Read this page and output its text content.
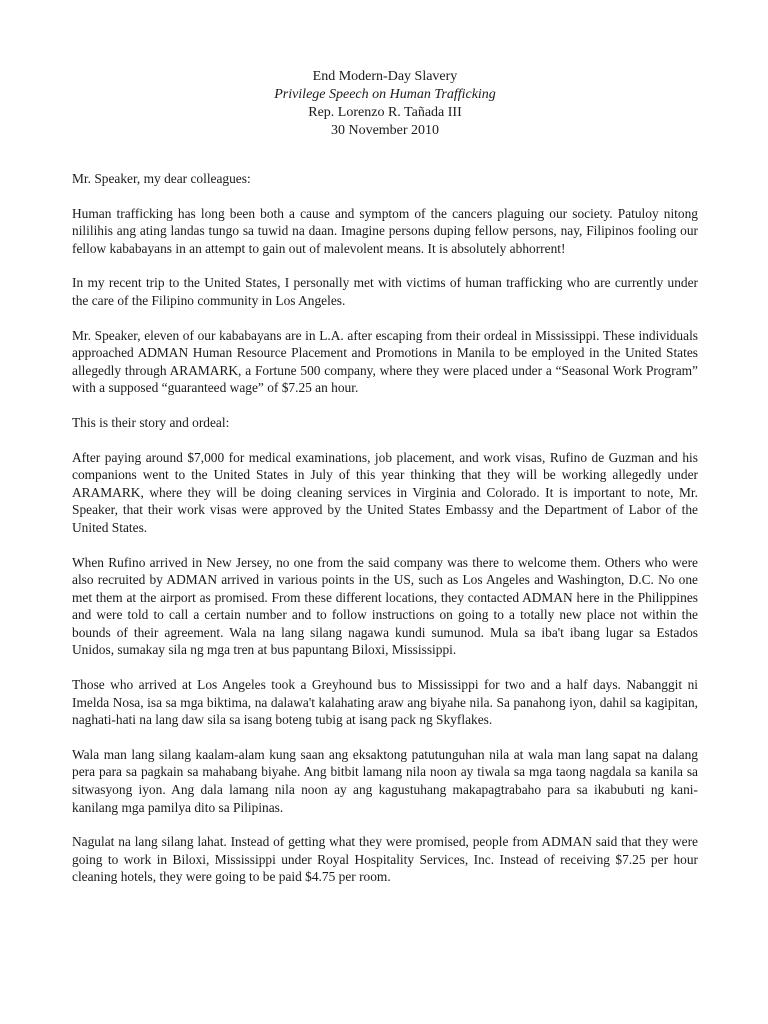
End Modern-Day Slavery
Privilege Speech on Human Trafficking
Rep. Lorenzo R. Tañada III
30 November 2010
Mr. Speaker, my dear colleagues:

Human trafficking has long been both a cause and symptom of the cancers plaguing our society. Patuloy nitong nililihis ang ating landas tungo sa tuwid na daan. Imagine persons duping fellow persons, nay, Filipinos fooling our fellow kababayans in an attempt to gain out of malevolent means. It is absolutely abhorrent!

In my recent trip to the United States, I personally met with victims of human trafficking who are currently under the care of the Filipino community in Los Angeles.

Mr. Speaker, eleven of our kababayans are in L.A. after escaping from their ordeal in Mississippi. These individuals approached ADMAN Human Resource Placement and Promotions in Manila to be employed in the United States allegedly through ARAMARK, a Fortune 500 company, where they were placed under a “Seasonal Work Program” with a supposed “guaranteed wage” of $7.25 an hour.

This is their story and ordeal:

After paying around $7,000 for medical examinations, job placement, and work visas, Rufino de Guzman and his companions went to the United States in July of this year thinking that they will be working allegedly under ARAMARK, where they will be doing cleaning services in Virginia and Colorado. It is important to note, Mr. Speaker, that their work visas were approved by the United States Embassy and the Department of Labor of the United States.

When Rufino arrived in New Jersey, no one from the said company was there to welcome them. Others who were also recruited by ADMAN arrived in various points in the US, such as Los Angeles and Washington, D.C. No one met them at the airport as promised. From these different locations, they contacted ADMAN here in the Philippines and were told to call a certain number and to follow instructions on going to a totally new place not within the bounds of their agreement. Wala na lang silang nagawa kundi sumunod. Mula sa iba't ibang lugar sa Estados Unidos, sumakay sila ng mga tren at bus papuntang Biloxi, Mississippi.

Those who arrived at Los Angeles took a Greyhound bus to Mississippi for two and a half days. Nabanggit ni Imelda Nosa, isa sa mga biktima, na dalawa't kalahating araw ang biyahe nila. Sa panahong iyon, dahil sa kagipitan, naghati-hati na lang daw sila sa isang boteng tubig at isang pack ng Skyflakes.

Wala man lang silang kaalam-alam kung saan ang eksaktong patutunguhan nila at wala man lang sapat na dalang pera para sa pagkain sa mahabang biyahe. Ang bitbit lamang nila noon ay tiwala sa mga taong nagdala sa kanila sa sitwasyong iyon. Ang dala lamang nila noon ay ang kagustuhang makapagtrabaho para sa ikabubuti ng kani-kanilang mga pamilya dito sa Pilipinas.

Nagulat na lang silang lahat. Instead of getting what they were promised, people from ADMAN said that they were going to work in Biloxi, Mississippi under Royal Hospitality Services, Inc. Instead of receiving $7.25 per hour cleaning hotels, they were going to be paid $4.75 per room.
